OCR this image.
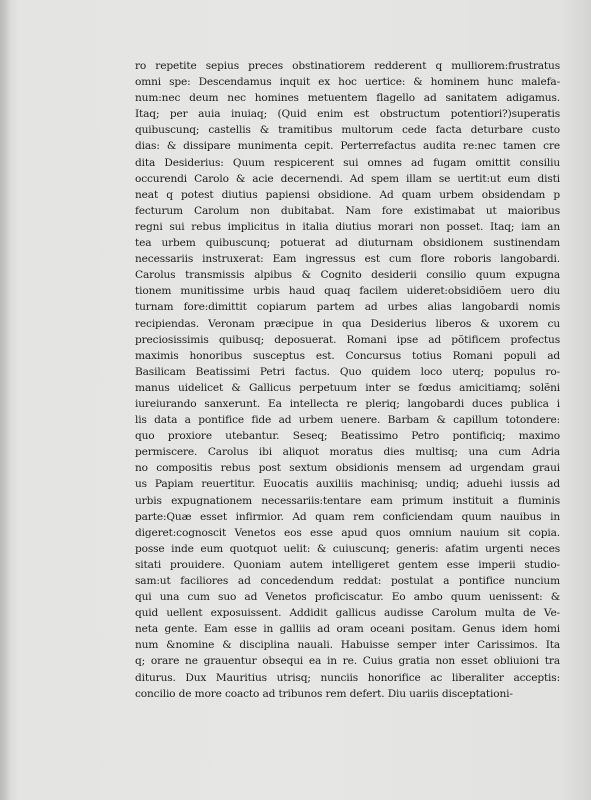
ro repetite sepius preces obstinatiorem redderent q mulliorem:frustratus
omni spe: Descendamus inquit ex hoc uertice: & hominem hunc malefa-
num:nec deum nec homines metuentem flagello ad sanitatem adigamus.
Itaq; per auia inuiaq; (Quid enim est obstructum potentiori?)superatis
quibuscunq; castellis & tramitibus multorum cede facta deturbare custo
dias: & dissipare munimenta cepit. Perterrefactus audita re:nec tamen cre
dita Desiderius: Quum respicerent sui omnes ad fugam omittit consiliu
occurendi Carolo & acie decernendi. Ad spem illam se uertit:ut eum disti
neat q potest diutius papiensi obsidione. Ad quam urbem obsidendam p
fecturum Carolum non dubitabat. Nam fore existimabat ut maioribus
regni sui rebus implicitus in italia diutius morari non posset. Itaq; iam an
tea urbem quibuscunq; potuerat ad diuturnam obsidionem sustinendam
necessariis instruxerat: Eam ingressus est cum flore roboris langobardi.
Carolus transmissis alpibus & Cognito desiderii consilio quum expugna
tionem munitissime urbis haud quaq facilem uideret:obsidiõem uero diu
turnam fore:dimittit copiarum partem ad urbes alias langobardi nomis
recipiendas. Veronam præcipue in qua Desiderius liberos & uxorem cu
preciosissimis quibusq; deposuerat. Romani ipse ad põtificem profectus
maximis honoribus susceptus est. Concursus totius Romani populi ad
Basilicam Beatissimi Petri factus. Quo quidem loco uterq; populus ro-
manus uidelicet & Gallicus perpetuum inter se fœdus amicitiamq; solẽni
iureiurando sanxerunt. Ea intellecta re pleriq; langobardi duces publica i
lis data a pontifice fide ad urbem uenere. Barbam & capillum totondere:
quo proxiore utebantur. Seseq; Beatissimo Petro pontificiq; maximo
permiscere. Carolus ibi aliquot moratus dies multisq; una cum Adria
no compositis rebus post sextum obsidionis mensem ad urgendam graui
us Papiam reuertitur. Euocatis auxiliis machinisq; undiq; aduehi iussis ad
urbis expugnationem necessariis:tentare eam primum instituit a fluminis
parte:Quæ esset infirmior. Ad quam rem conficiendam quum nauibus in
digeret:cognoscit Venetos eos esse apud quos omnium nauium sit copia.
posse inde eum quotquot uelit: & cuiuscunq; generis: afatim urgenti neces
sitati prouidere. Quoniam autem intelligeret gentem esse imperii studio-
sam:ut faciliores ad concedendum reddat: postulat a pontifice nuncium
qui una cum suo ad Venetos proficiscatur. Eo ambo quum uenissent: &
quid uellent exposuissent. Addidit gallicus audisse Carolum multa de Ve-
neta gente. Eam esse in galliis ad oram oceani positam. Genus idem homi
num &nomine & disciplina nauali. Habuisse semper inter Carissimos. Ita
q; orare ne grauentur obsequi ea in re. Cuius gratia non esset obliuioni tra
diturus. Dux Mauritius utrisq; nunciis honorifice ac liberaliter acceptis:
concilio de more coacto ad tribunos rem defert. Diu uariis disceptationi-
